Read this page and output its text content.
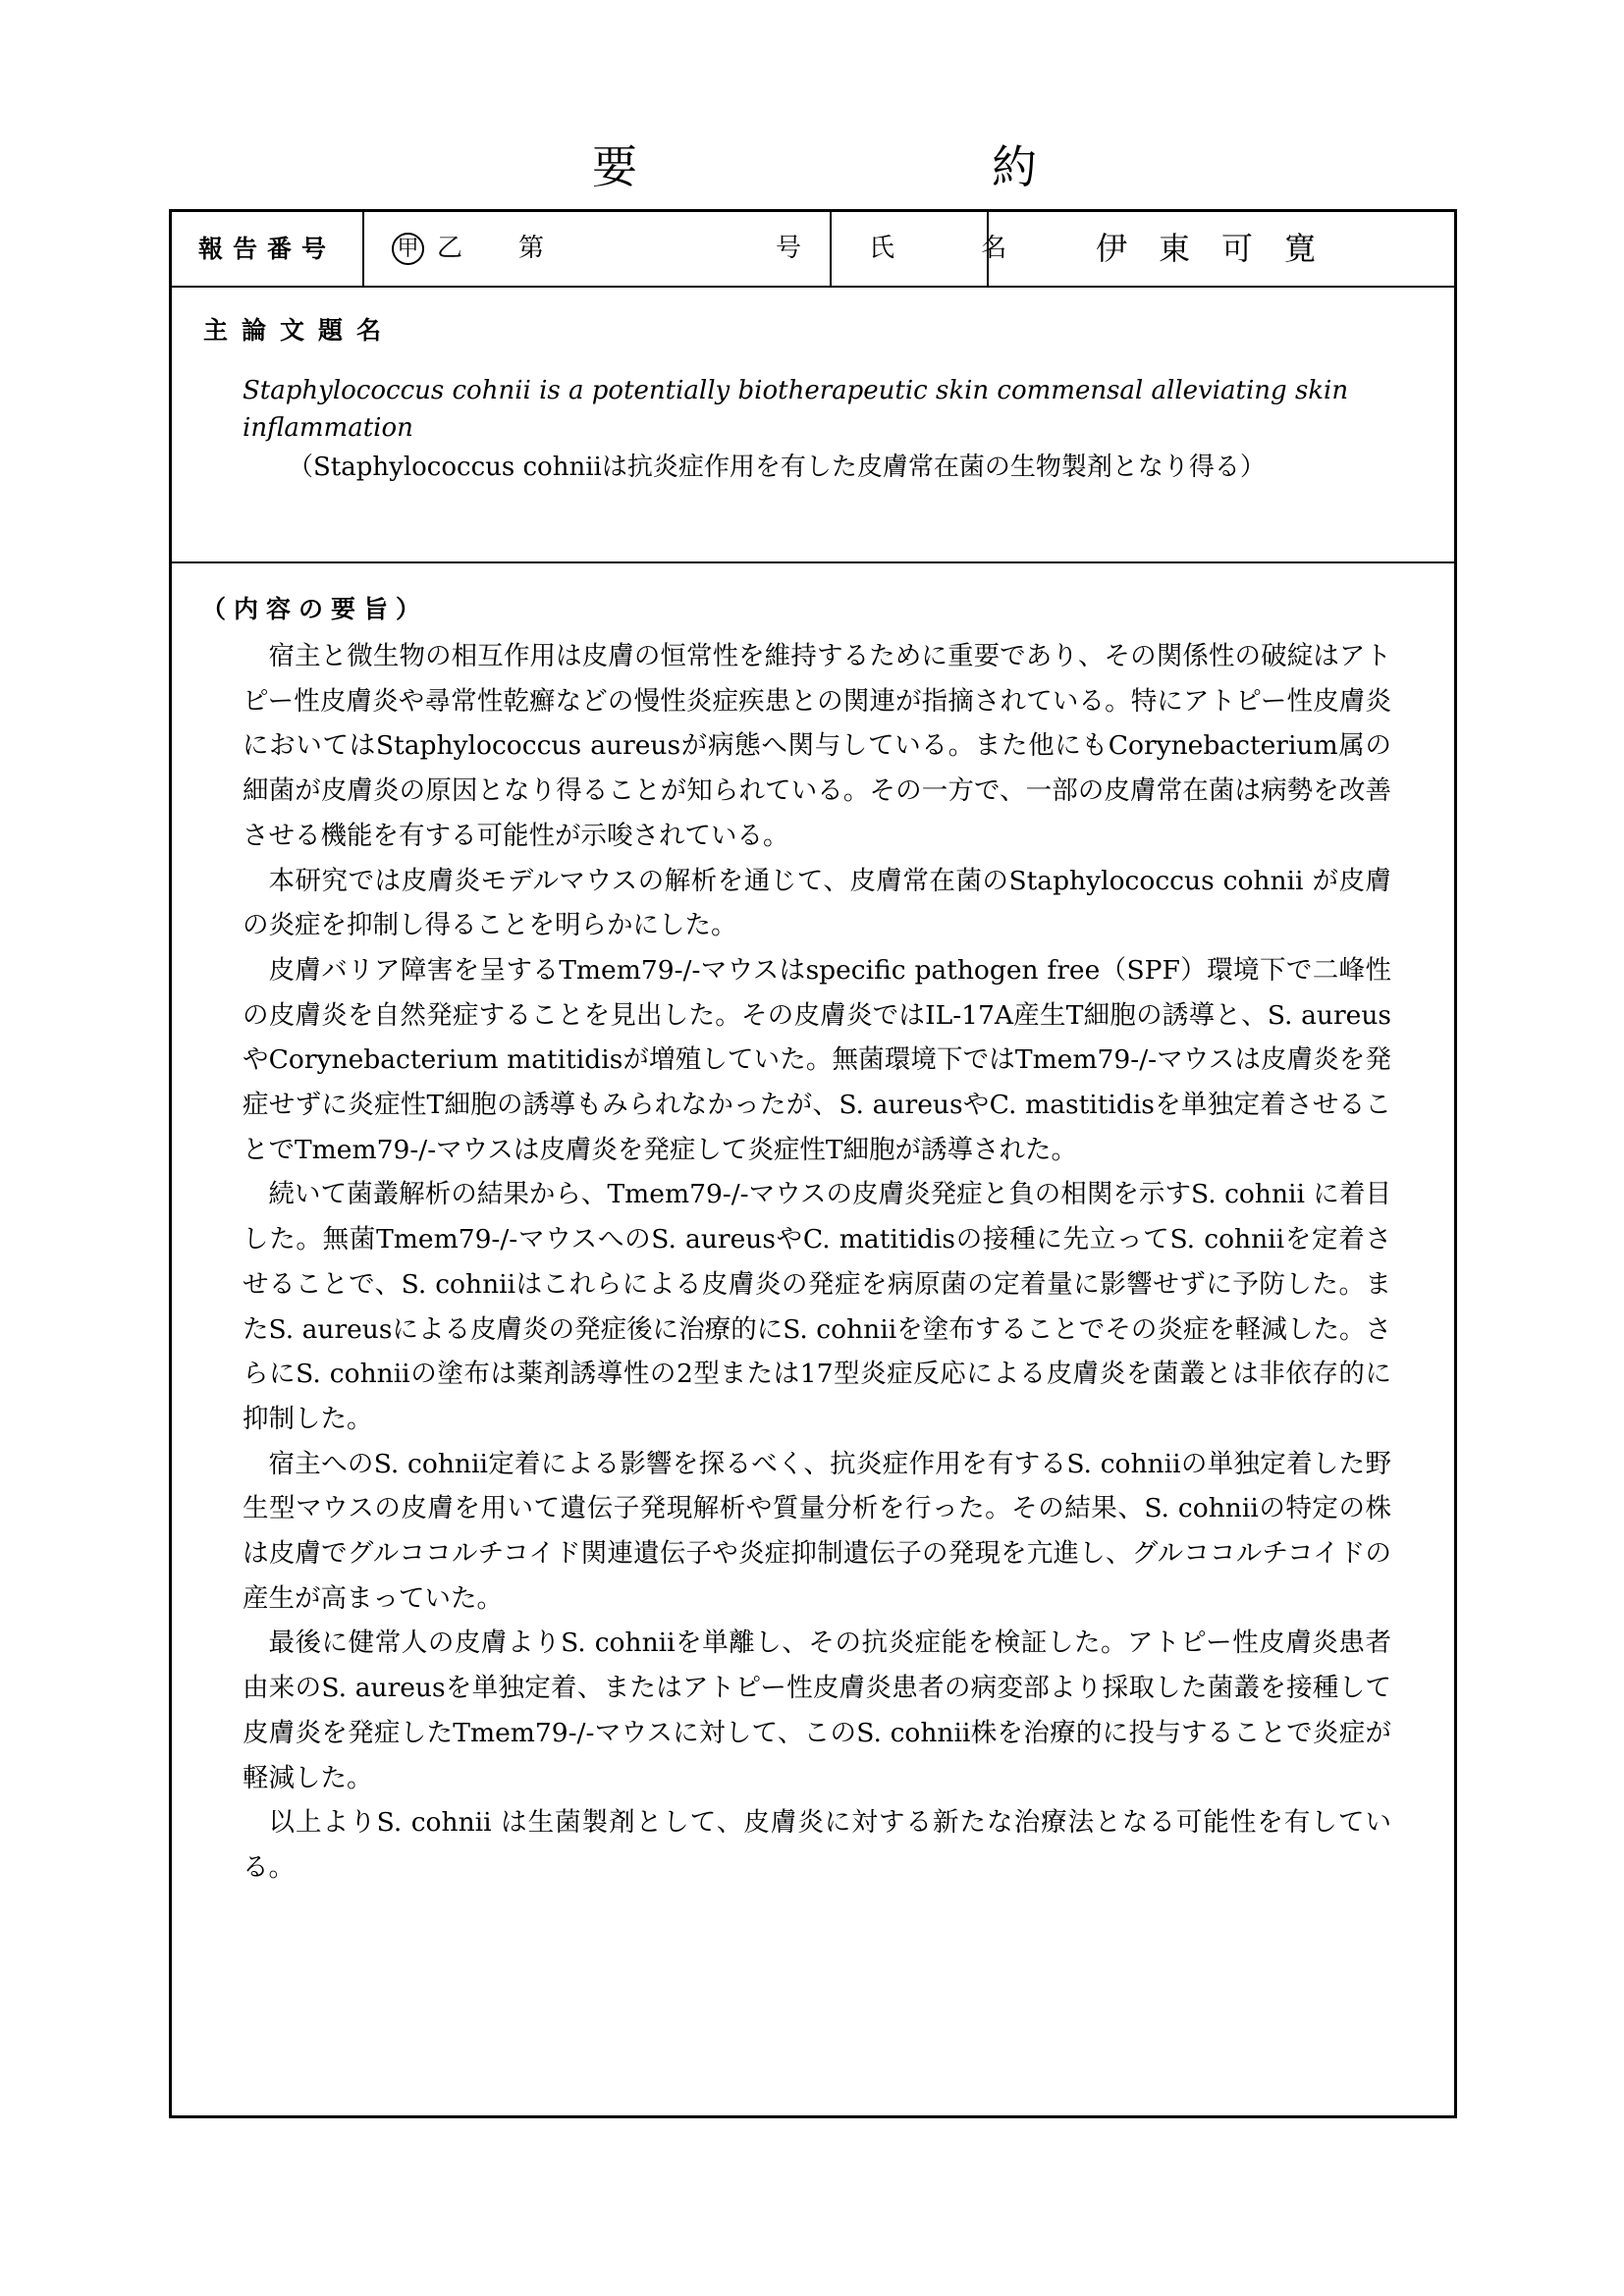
要	約
報告番号	甲 乙 第	号	氏 名	伊東可寛
主論文題名
Staphylococcus cohnii is a potentially biotherapeutic skin commensal alleviating skin inflammation
（Staphylococcus cohniiは抗炎症作用を有した皮膚常在菌の生物製剤となり得る）
（内容の要旨）

宿主と微生物の相互作用は皮膚の恒常性を維持するために重要であり、その関係性の破綻はアトピー性皮膚炎や尋常性乾癬などの慢性炎症疾患との関連が指摘されている。特にアトピー性皮膚炎においてはStaphylococcus aureusが病態へ関与している。また他にもCorynebacterium属の細菌が皮膚炎の原因となり得ることが知られている。その一方で、一部の皮膚常在菌は病勢を改善させる機能を有する可能性が示唆されている。

本研究では皮膚炎モデルマウスの解析を通じて、皮膚常在菌のStaphylococcus cohnii が皮膚の炎症を抑制し得ることを明らかにした。

皮膚バリア障害を呈するTmem79-/-マウスはspecific pathogen free（SPF）環境下で二峰性の皮膚炎を自然発症することを見出した。その皮膚炎ではIL-17A産生T細胞の誘導と、S. aureusやCorynebacterium matitidisが増殖していた。無菌環境下ではTmem79-/-マウスは皮膚炎を発症せずに炎症性T細胞の誘導もみられなかったが、S. aureusやC. mastitidisを単独定着させることでTmem79-/-マウスは皮膚炎を発症して炎症性T細胞が誘導された。

続いて菌叢解析の結果から、Tmem79-/-マウスの皮膚炎発症と負の相関を示すS. cohnii に着目した。無菌Tmem79-/-マウスへのS. aureusやC. matitidisの接種に先立ってS. cohniiを定着させることで、S. cohniiはこれらによる皮膚炎の発症を病原菌の定着量に影響せずに予防した。またS. aureusによる皮膚炎の発症後に治療的にS. cohniiを塗布することでその炎症を軽減した。さらにS. cohniiの塗布は薬剤誘導性の2型または17型炎症反応による皮膚炎を菌叢とは非依存的に抑制した。

宿主へのS. cohnii定着による影響を探るべく、抗炎症作用を有するS. cohniiの単独定着した野生型マウスの皮膚を用いて遺伝子発現解析や質量分析を行った。その結果、S. cohniiの特定の株は皮膚でグルココルチコイド関連遺伝子や炎症抑制遺伝子の発現を亢進し、グルココルチコイドの産生が高まっていた。

最後に健常人の皮膚よりS. cohniiを単離し、その抗炎症能を検証した。アトピー性皮膚炎患者由来のS. aureusを単独定着、またはアトピー性皮膚炎患者の病変部より採取した菌叢を接種して皮膚炎を発症したTmem79-/-マウスに対して、このS. cohnii株を治療的に投与することで炎症が軽減した。

以上よりS. cohnii は生菌製剤として、皮膚炎に対する新たな治療法となる可能性を有している。
